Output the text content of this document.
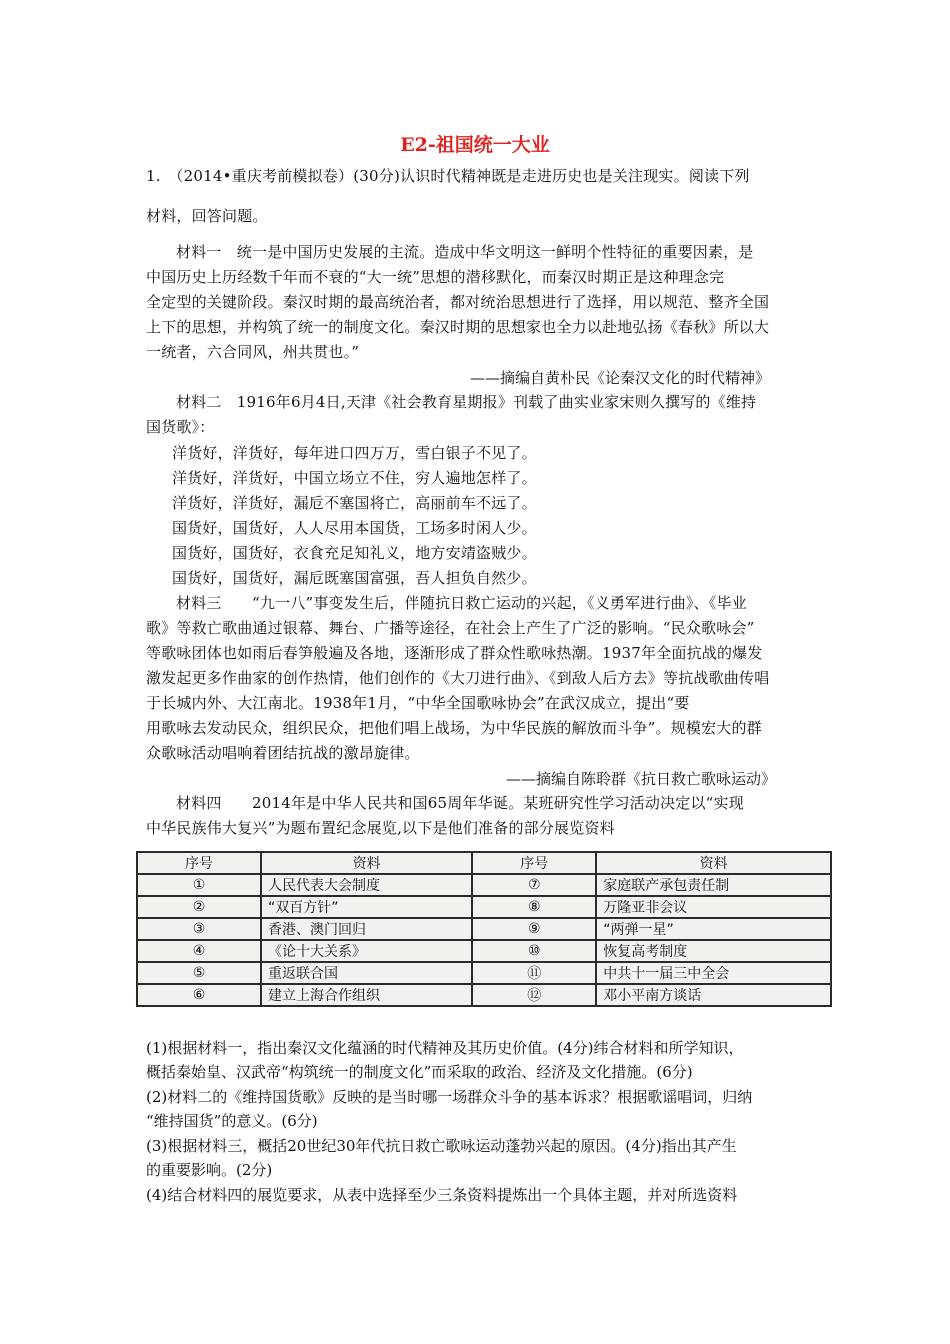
E2-祖国统一大业
1.　（2014•重庆考前模拟卷）(30分)认识时代精神既是走进历史也是关注现实。阅读下列
材料，回答问题。
材料一　统一是中国历史发展的主流。造成中华文明这一鲜明个性特征的重要因素，是
中国历史上历经数千年而不衰的“大一统”思想的潜移默化，而秦汉时期正是这种理念完
全定型的关键阶段。秦汉时期的最高统治者，都对统治思想进行了选择，用以规范、整齐全国
上下的思想，并构筑了统一的制度文化。秦汉时期的思想家也全力以赴地弘扬《春秋》所以大
一统者，六合同风，州共贯也。”
——摘编自黄朴民《论秦汉文化的时代精神》
材料二　1916年6月4日,天津《社会教育星期报》刊载了曲实业家宋则久撰写的《维持
国货歌》：
洋货好，洋货好，每年进口四万万，雪白银子不见了。
洋货好，洋货好，中国立场立不住，穷人遍地怎样了。
洋货好，洋货好，漏卮不塞国将亡，高丽前车不远了。
国货好，国货好，人人尽用本国货，工场多时闲人少。
国货好，国货好，衣食充足知礼义，地方安靖盗贼少。
国货好，国货好，漏卮既塞国富强，吾人担负自然少。
材料三　　“九一八”事变发生后，伴随抗日救亡运动的兴起，《义勇军进行曲》、《毕业
歌》等救亡歌曲通过银幕、舞台、广播等途径，在社会上产生了广泛的影响。“民众歌咏会”
等歌咏团体也如雨后春笋般遍及各地，逐渐形成了群众性歌咏热潮。1937年全面抗战的爆发
激发起更多作曲家的创作热情，他们创作的《大刀进行曲》、《到敌人后方去》等抗战歌曲传唱
于长城内外、大江南北。1938年1月，“中华全国歌咏协会”在武汉成立，提出“要
用歌咏去发动民众，组织民众，把他们唱上战场，为中华民族的解放而斗争”。规模宏大的群
众歌咏活动唱响着团结抗战的激昂旋律。
——摘编自陈聆群《抗日救亡歌咏运动》
材料四　　2014年是中华人民共和国65周年华诞。某班研究性学习活动决定以“实现
中华民族伟大复兴”为题布置纪念展览,以下是他们准备的部分展览资料
序号	资料	序号	资料
①	人民代表大会制度	⑦	家庭联产承包责任制
②	“双百方针”	⑧	万隆亚非会议
③	香港、澳门回归	⑨	“两弹一星”
④	《论十大关系》	⑩	恢复高考制度
⑤	重返联合国	⑪	中共十一届三中全会
⑥	建立上海合作组织	⑫	邓小平南方谈话
(1)根据材料一，指出秦汉文化蕴涵的时代精神及其历史价值。(4分)纬合材料和所学知识，
概括秦始皇、汉武帝“构筑统一的制度文化”而采取的政治、经济及文化措施。(6分)
(2)材料二的《维持国货歌》反映的是当时哪一场群众斗争的基本诉求？根据歌谣唱词，归纳
“维持国货”的意义。(6分)
(3)根据材料三，概括20世纪30年代抗日救亡歌咏运动蓬勃兴起的原因。(4分)指出其产生
的重要影响。(2分)
(4)结合材料四的展览要求，从表中选择至少三条资料提炼出一个具体主题，并对所选资料
